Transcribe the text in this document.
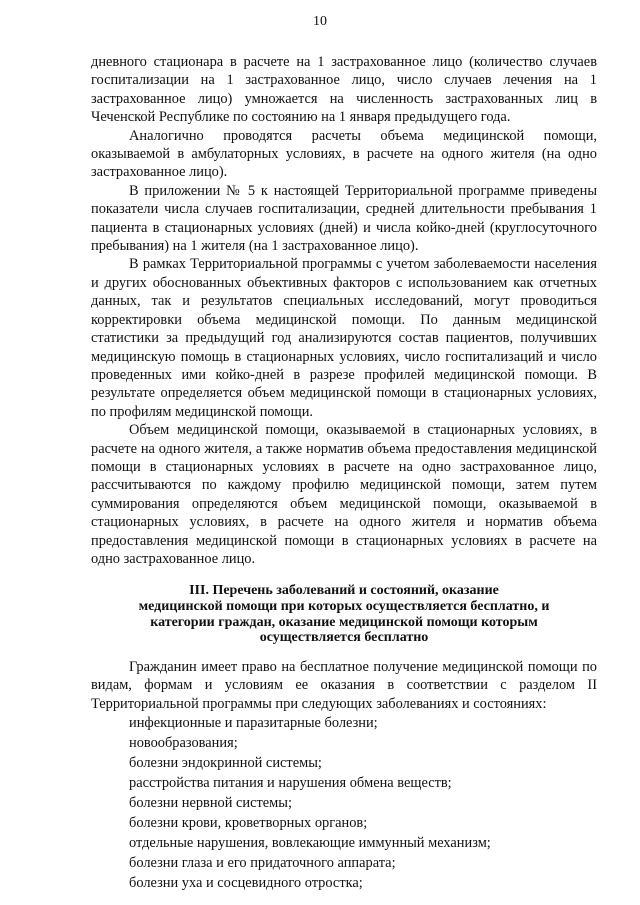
10

дневного стационара в расчете на 1 застрахованное лицо (количество случаев госпитализации на 1 застрахованное лицо, число случаев лечения на 1 застрахованное лицо) умножается на численность застрахованных лиц в Чеченской Республике по состоянию на 1 января предыдущего года.

Аналогично проводятся расчеты объема медицинской помощи, оказываемой в амбулаторных условиях, в расчете на одного жителя (на одно застрахованное лицо).

В приложении № 5 к настоящей Территориальной программе приведены показатели числа случаев госпитализации, средней длительности пребывания 1 пациента в стационарных условиях (дней) и числа койко-дней (круглосуточного пребывания) на 1 жителя (на 1 застрахованное лицо).

В рамках Территориальной программы с учетом заболеваемости населения и других обоснованных объективных факторов с использованием как отчетных данных, так и результатов специальных исследований, могут проводиться корректировки объема медицинской помощи. По данным медицинской статистики за предыдущий год анализируются состав пациентов, получивших медицинскую помощь в стационарных условиях, число госпитализаций и число проведенных ими койко-дней в разрезе профилей медицинской помощи. В результате определяется объем медицинской помощи в стационарных условиях, по профилям медицинской помощи.

Объем медицинской помощи, оказываемой в стационарных условиях, в расчете на одного жителя, а также норматив объема предоставления медицинской помощи в стационарных условиях в расчете на одно застрахованное лицо, рассчитываются по каждому профилю медицинской помощи, затем путем суммирования определяются объем медицинской помощи, оказываемой в стационарных условиях, в расчете на одного жителя и норматив объема предоставления медицинской помощи в стационарных условиях в расчете на одно застрахованное лицо.

III. Перечень заболеваний и состояний, оказание
медицинской помощи при которых осуществляется бесплатно, и
категории граждан, оказание медицинской помощи которым
осуществляется бесплатно

Гражданин имеет право на бесплатное получение медицинской помощи по видам, формам и условиям ее оказания в соответствии с разделом II Территориальной программы при следующих заболеваниях и состояниях:

инфекционные и паразитарные болезни;
новообразования;
болезни эндокринной системы;
расстройства питания и нарушения обмена веществ;
болезни нервной системы;
болезни крови, кроветворных органов;
отдельные нарушения, вовлекающие иммунный механизм;
болезни глаза и его придаточного аппарата;
болезни уха и сосцевидного отростка;
